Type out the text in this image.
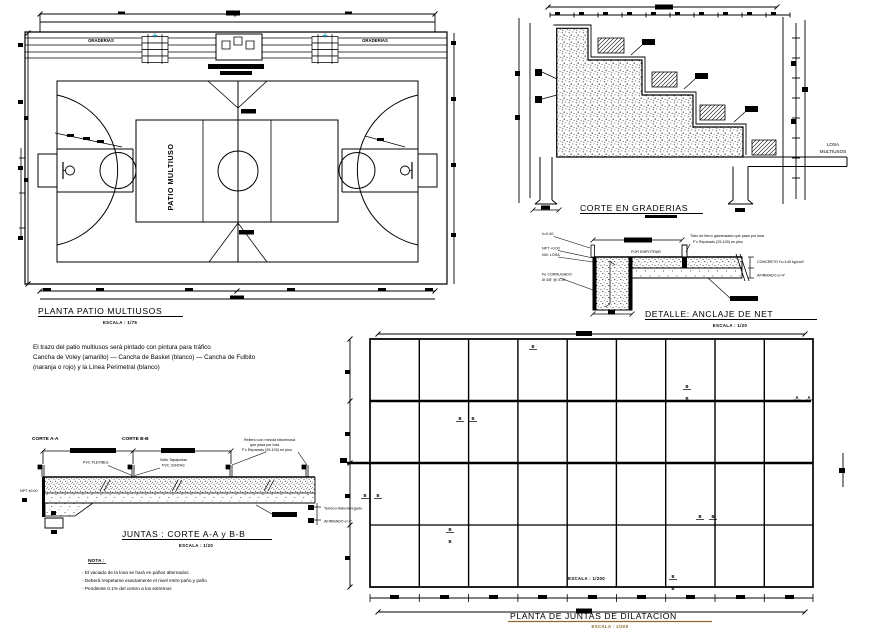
GRADERIAS	GRADERIAS
PATIO MULTIUSO
PLANTA PATIO MULTIUSOS
ESCALA : 1/75
El trazo del patio multiusos será pintado con pintura para tráfico
Cancha de Voley (amarillo) — Cancha de Basket (blanco) — Cancha de Fulbito
(naranja o rojo) y la Línea Perimetral (blanco)
LOSA
MULTIUSOS
CORTE EN GRADERIAS
Tubo de fierro galvanizado que pasa por losa
F'c Reparado (25-100) en piso
POR EMPOTRAR
h=0.40
NPT +0.00
NIV. LOSA
Fe CORRUGADO
Ø 3/8" @ 0.20
CONCRETO f'c=140 kg/cm2
AFIRMADO e=4"
DETALLE: ANCLAJE DE NET
ESCALA : 1/20
CORTE A-A	CORTE B-B
NPT ±0.00
PVC FLEXIBLE
Sello Tapajuntas
PVC JUNTAS
Relleno con mezcla bituminosa
que pasa por losa
F'c Reparado (25-100) en piso
Terreno Natural regado
AFIRMADO e=4"
JUNTAS : CORTE A-A y B-B
ESCALA : 1/20
NOTA :
- El vaciado de la losa se hará en paños alternados
- Deberá respetarse exactamente el nivel entre paño y paño
- Pendiente 0.1% del centro a los extremos
A A
B B
B B
B
B
B B
B
B
B
B
B
ESCALA : 1/200
PLANTA DE JUNTAS DE DILATACION
ESCALA : 1/200
